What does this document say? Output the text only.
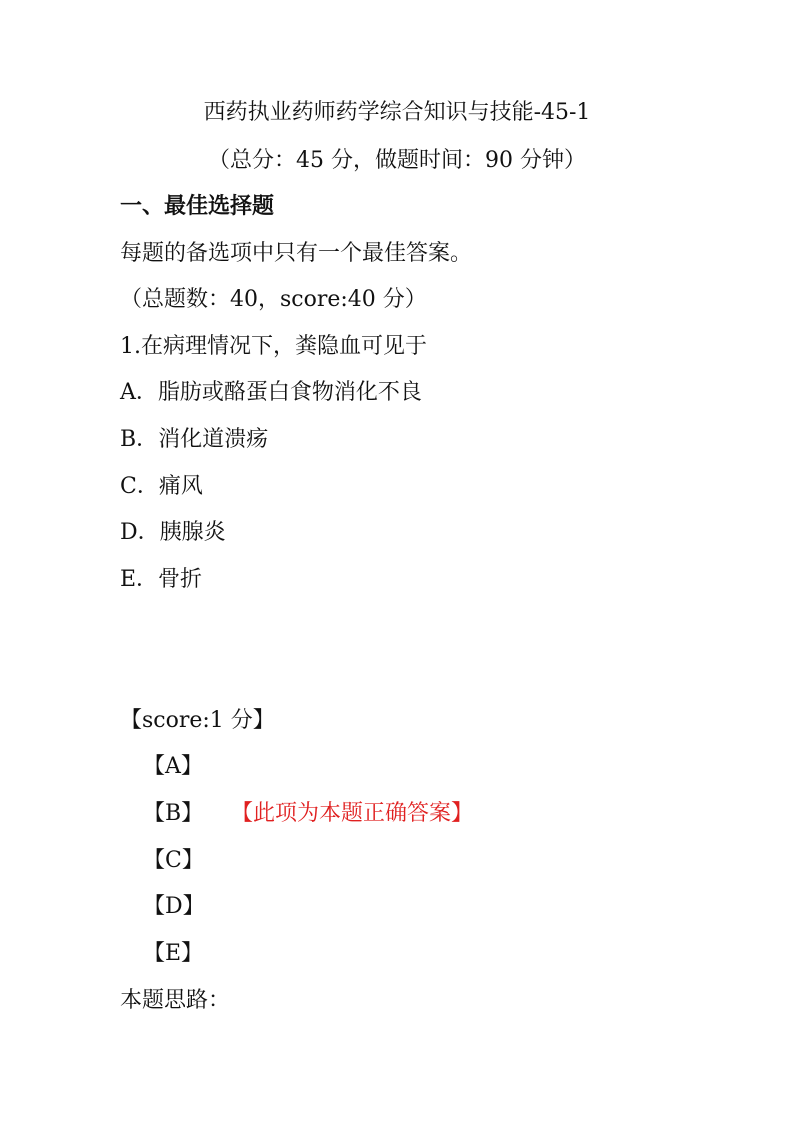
西药执业药师药学综合知识与技能-45-1
（总分：45 分，做题时间：90 分钟）
一、最佳选择题
每题的备选项中只有一个最佳答案。
（总题数：40，score:40 分）
1.在病理情况下，粪隐血可见于
A．脂肪或酪蛋白食物消化不良
B．消化道溃疡
C．痛风
D．胰腺炎
E．骨折
【score:1 分】
【A】
【B】 【此项为本题正确答案】
【C】
【D】
【E】
本题思路：
